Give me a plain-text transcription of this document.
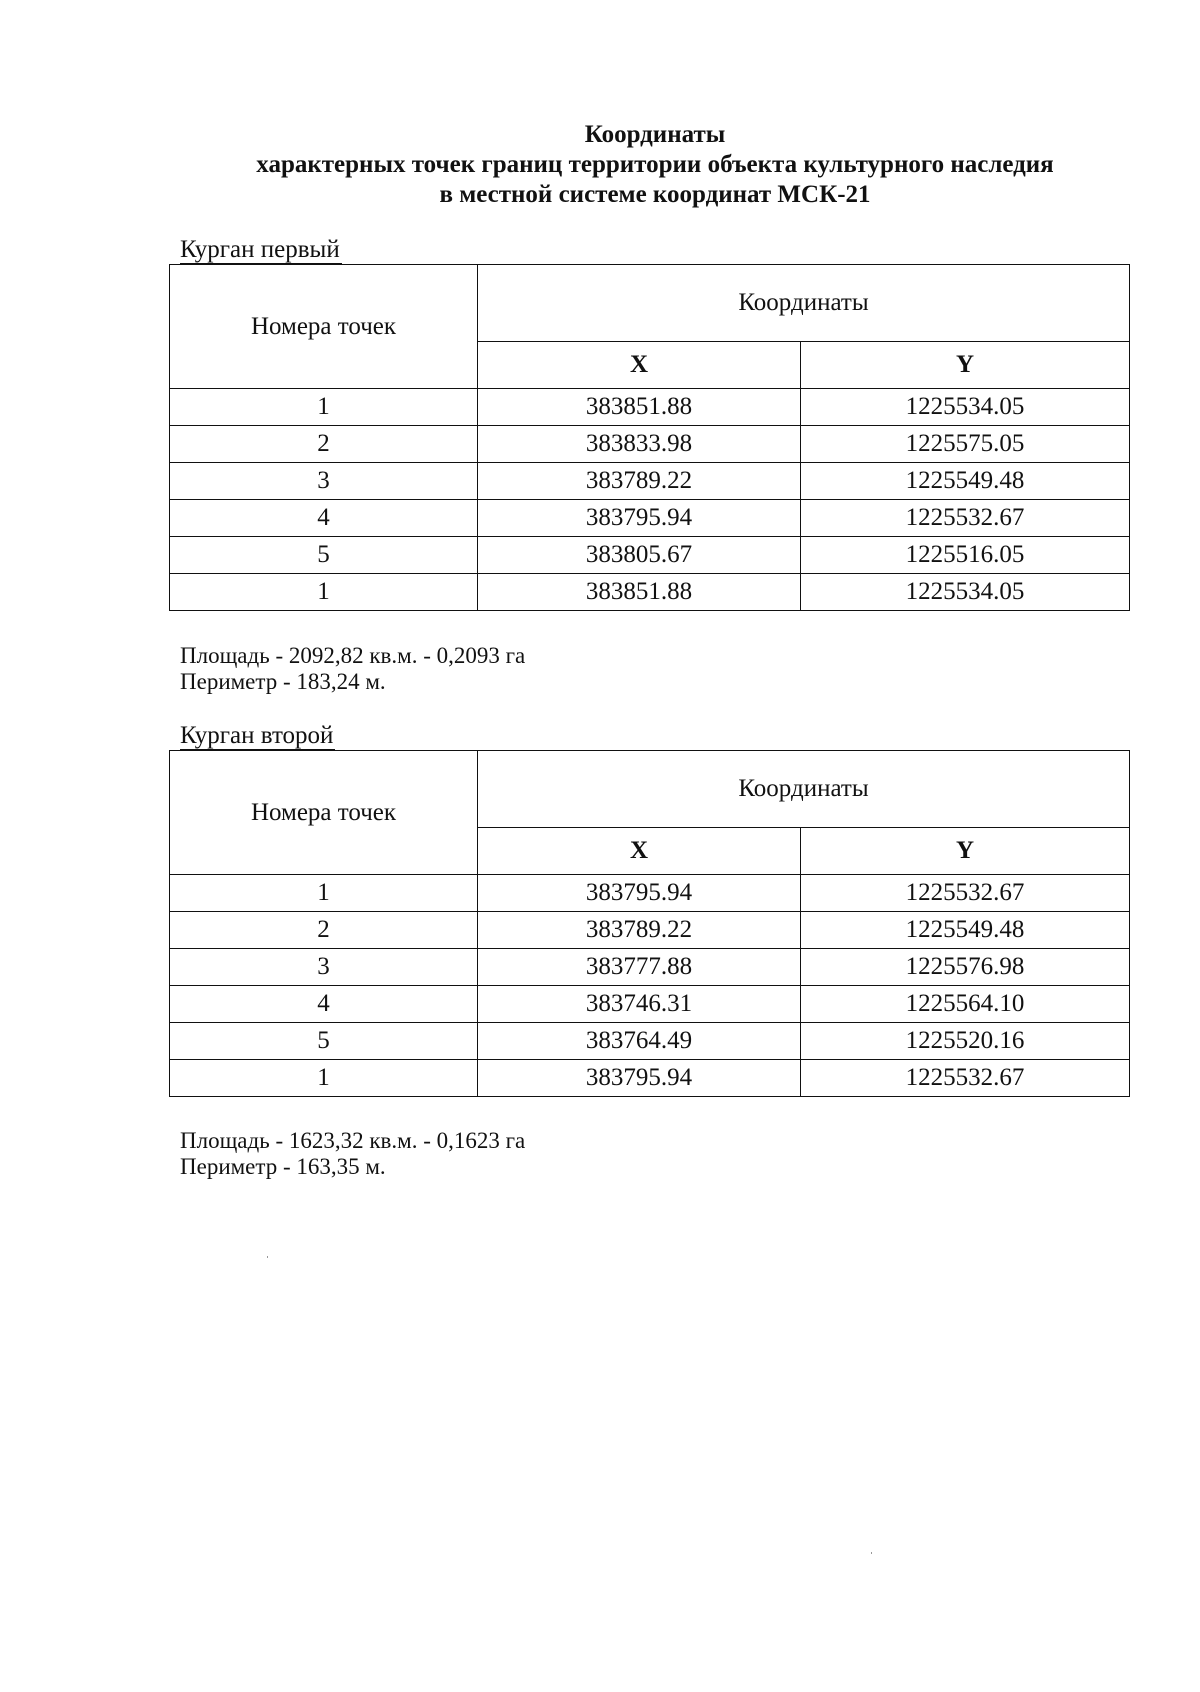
Координаты
характерных точек границ территории объекта культурного наследия
в местной системе координат МСК-21
Курган первый
Номера точек	Координаты	
	X	Y
1	383851.88	1225534.05
2	383833.98	1225575.05
3	383789.22	1225549.48
4	383795.94	1225532.67
5	383805.67	1225516.05
1	383851.88	1225534.05
Площадь - 2092,82 кв.м. - 0,2093 га
Периметр - 183,24 м.
Курган второй
Номера точек	Координаты	
	X	Y
1	383795.94	1225532.67
2	383789.22	1225549.48
3	383777.88	1225576.98
4	383746.31	1225564.10
5	383764.49	1225520.16
1	383795.94	1225532.67
Площадь - 1623,32 кв.м. - 0,1623 га
Периметр - 163,35 м.
